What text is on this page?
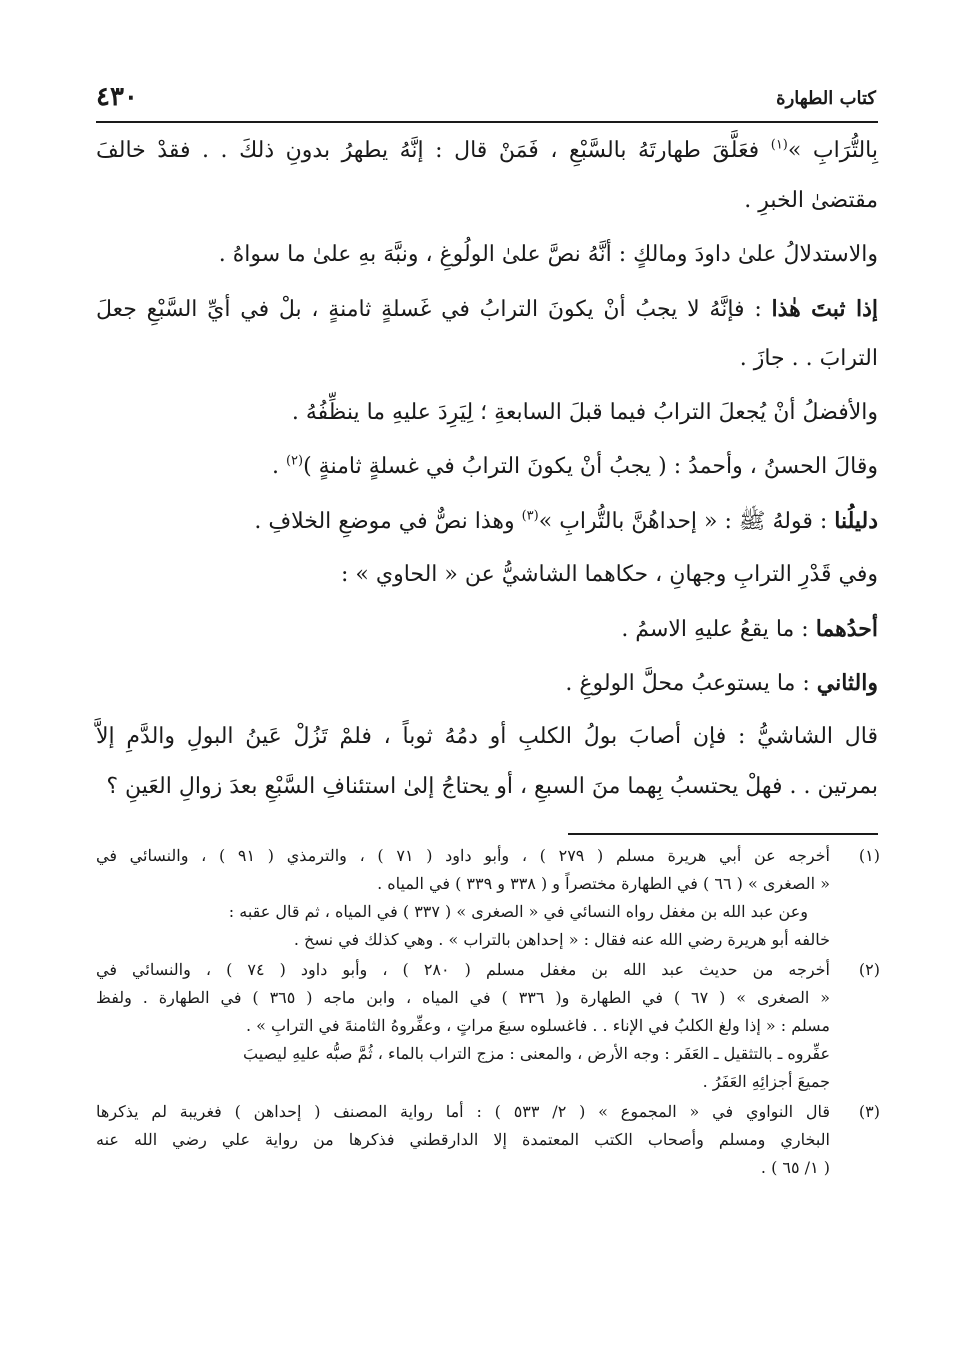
٤٣٠	كتاب الطهارة
بِالتُّرَابِ »$^{(١)}$ فعَلَّقَ طهارتَهُ بالسَّبْعِ ، فَمَنْ قال : إنَّهُ يطهرُ بدونِ ذلكَ . . فقدْ خالفَ
مقتضىٰ الخبرِ .
والاستدلالُ علىٰ داودَ ومالكٍ : أنَّهُ نصَّ علىٰ الولُوغِ ، ونبَّهَ بهِ علىٰ ما سواهُ .
إذا ثبتَ هٰذا : فإنَّهُ لا يجبُ أنْ يكونَ الترابُ في غَسلةٍ ثامنةٍ ، بلْ في أيِّ السَّبْعِ جعلَ
الترابَ . . جازَ .
والأفضلُ أنْ يُجعلَ الترابُ فيما قبلَ السابعةِ ؛ لِيَرِدَ عليهِ ما ينظِّفُهُ .
وقالَ الحسنُ ، وأحمدُ : ( يجبُ أنْ يكونَ الترابُ في غسلةٍ ثامنةٍ )$^{(٢)}$ .
دليلُنا : قولهُ ﷺ : « إحداهُنَّ بالتُّرابِ »$^{(٣)}$ وهذا نصٌّ في موضعِ الخلافِ .
وفي قَدْرِ الترابِ وجهانِ ، حكاهما الشاشيُّ عن « الحاوي » :
أحدُهما : ما يقعُ عليهِ الاسمُ .
والثاني : ما يستوعبُ محلَّ الولوغِ .
قال الشاشيُّ : فإن أصابَ بولُ الكلبِ أو دمُهُ ثوباً ، فلمْ تَزُلْ عَينُ البولِ والدَّمِ إلاَّ
بمرتين . . فهلْ يحتسبُ بِهما منَ السبعِ ، أو يحتاجُ إلىٰ استئنافِ السَّبْعِ بعدَ زوالِ العَينِ ؟
(١)
أخرجه عن أبي هريرة مسلم ( ٢٧٩ ) ، وأبو داود ( ٧١ ) ، والترمذي ( ٩١ ) ، والنسائي في
« الصغرى » ( ٦٦ ) في الطهارة مختصراً و ( ٣٣٨ و ٣٣٩ ) في المياه .
وعن عبد الله بن مغفل رواه النسائي في « الصغرى » ( ٣٣٧ ) في المياه ، ثم قال عقبه :
خالفه أبو هريرة رضي الله عنه فقال : « إحداهن بالتراب » . وهي كذلك في نسخ .
(٢)
أخرجه من حديث عبد الله بن مغفل مسلم ( ٢٨٠ ) ، وأبو داود ( ٧٤ ) ، والنسائي في
« الصغرى » ( ٦٧ ) في الطهارة و( ٣٣٦ ) في المياه ، وابن ماجه ( ٣٦٥ ) في الطهارة . ولفظ
مسلم : « إذا ولغ الكلبُ في الإناء . . فاغسلوه سبعَ مراتٍ ، وعفِّروهُ الثامنةَ في الترابِ » .
عفِّروه ـ بالتثقيل ـ العَفَر : وجه الأرض ، والمعنى : مزج التراب بالماء ، ثُمَّ صبُّه عليهِ ليصيبَ
جميعَ أجزائِهِ العَفَرُ .
(٣)
قال النواوي في « المجموع » ( ٢/ ٥٣٣ ) : أما رواية المصنف ( إحداهن ) فغريبة لم يذكرها
البخاري ومسلم وأصحاب الكتب المعتمدة إلا الدارقطني فذكرها من رواية علي رضي الله عنه
( ١/ ٦٥ ) .
